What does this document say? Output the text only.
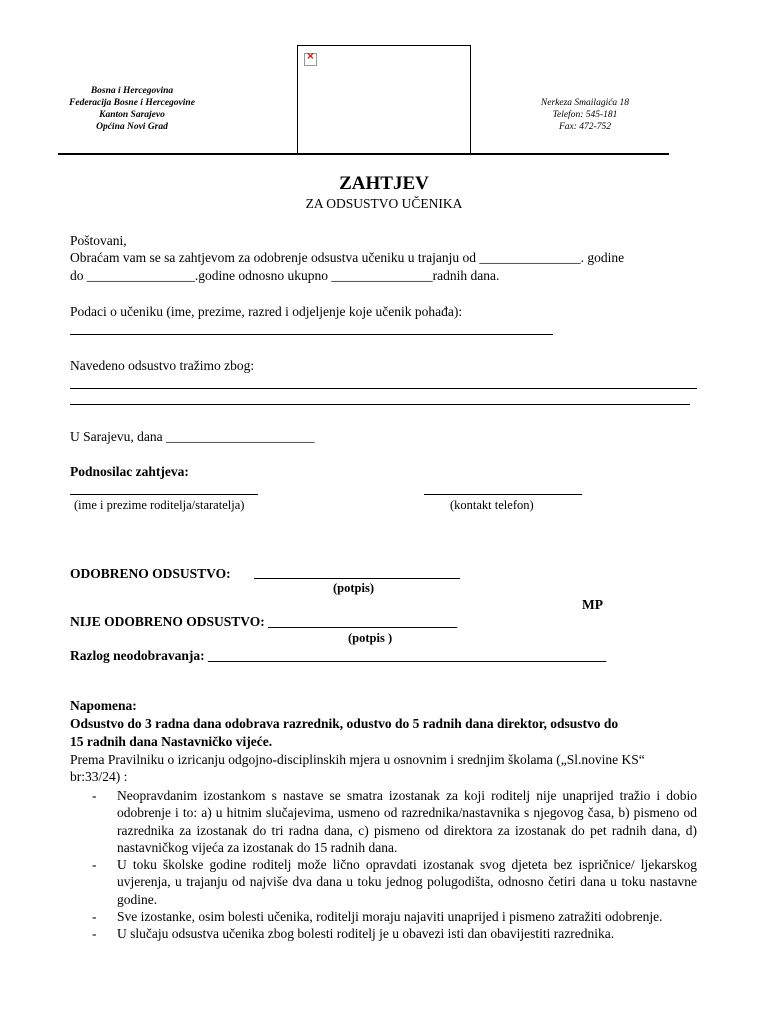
Bosna i Hercegovina
Federacija Bosne i Hercegovine
Kanton Sarajevo
Općina Novi Grad
×
Nerkeza Smailagića 18
Telefon: 545-181
Fax: 472-752
ZAHTJEV
ZA ODSUSTVO UČENIKA
Poštovani,
Obraćam vam se sa zahtjevom za odobrenje odsustva učeniku u trajanju od _______________. godine
do ________________.godine odnosno ukupno _______________radnih dana.
Podaci o učeniku (ime, prezime, razred i odjeljenje koje učenik pohađa):
Navedeno odsustvo tražimo zbog:
U Sarajevu, dana ______________________
Podnosilac zahtjeva:
(ime i prezime roditelja/staratelja)	(kontakt telefon)
ODOBRENO ODSUSTVO:
(potpis)
MP
NIJE ODOBRENO ODSUSTVO: ____________________________
(potpis )
Razlog neodobravanja: ___________________________________________________________
Napomena:
Odsustvo do 3 radna dana odobrava razrednik, odustvo do 5 radnih dana direktor, odsustvo do
15 radnih dana Nastavničko vijeće.
Prema Pravilniku o izricanju odgojno-disciplinskih mjera u osnovnim i srednjim školama („Sl.novine KS“
br:33/24) :
- Neopravdanim izostankom s nastave se smatra izostanak za koji roditelj nije unaprijed tražio i dobio odobrenje i to: a) u hitnim slučajevima, usmeno od razrednika/nastavnika s njegovog časa, b) pismeno od razrednika za izostanak do tri radna dana, c) pismeno od direktora za izostanak do pet radnih dana, d) nastavničkog vijeća za izostanak do 15 radnih dana.
- U toku školske godine roditelj može lično opravdati izostanak svog djeteta bez ispričnice/ ljekarskog uvjerenja, u trajanju od najviše dva dana u toku jednog polugodišta, odnosno četiri dana u toku nastavne godine.
- Sve izostanke, osim bolesti učenika, roditelji moraju najaviti unaprijed i pismeno zatražiti odobrenje.
- U slučaju odsustva učenika zbog bolesti roditelj je u obavezi isti dan obavijestiti razrednika.
